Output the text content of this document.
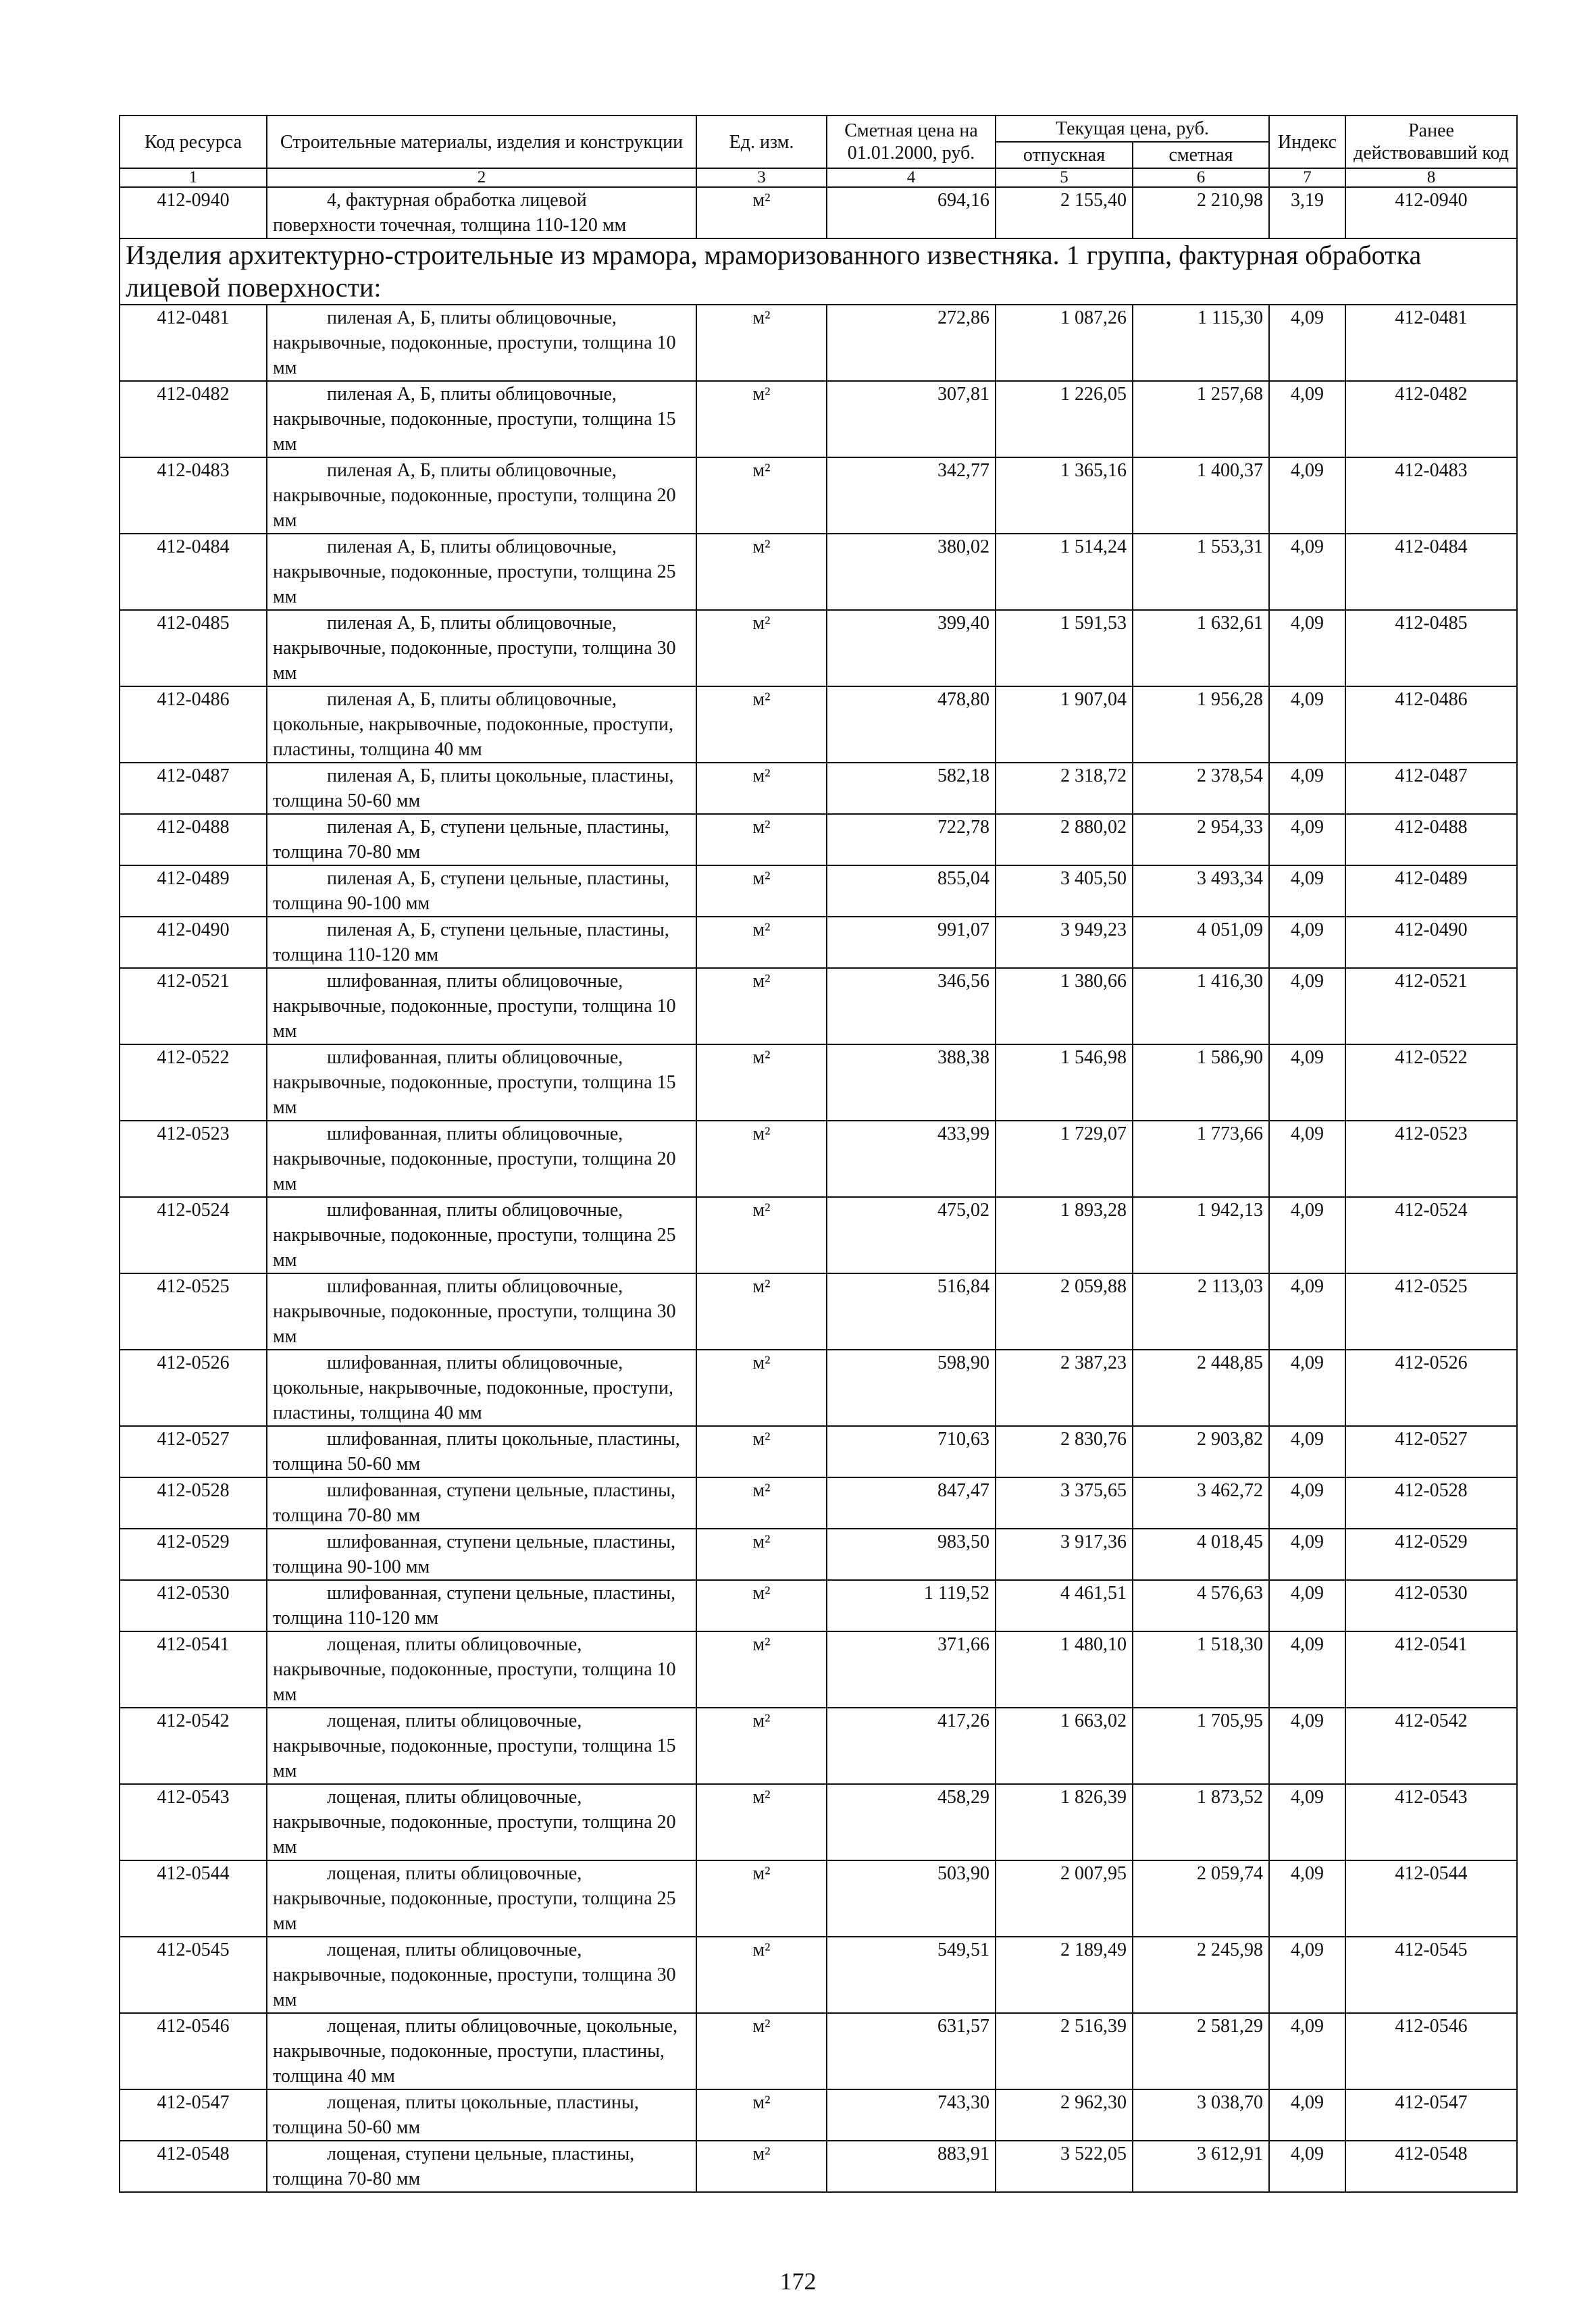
Код ресурса	Строительные материалы, изделия и конструкции	Ед. изм.	Сметная цена на 01.01.2000, руб.	Текущая цена, руб.		Индекс	Ранее действовавший код
				отпускная	сметная		
1	2	3	4	5	6	7	8
412-0940	4, фактурная обработка лицевой поверхности точечная, толщина 110-120 мм	м²	694,16	2 155,40	2 210,98	3,19	412-0940
Изделия архитектурно-строительные из мрамора, мраморизованного известняка. 1 группа, фактурная обработка лицевой поверхности:							
412-0481	пиленая А, Б, плиты облицовочные, накрывочные, подоконные, проступи, толщина 10 мм	м²	272,86	1 087,26	1 115,30	4,09	412-0481
412-0482	пиленая А, Б, плиты облицовочные, накрывочные, подоконные, проступи, толщина 15 мм	м²	307,81	1 226,05	1 257,68	4,09	412-0482
412-0483	пиленая А, Б, плиты облицовочные, накрывочные, подоконные, проступи, толщина 20 мм	м²	342,77	1 365,16	1 400,37	4,09	412-0483
412-0484	пиленая А, Б, плиты облицовочные, накрывочные, подоконные, проступи, толщина 25 мм	м²	380,02	1 514,24	1 553,31	4,09	412-0484
412-0485	пиленая А, Б, плиты облицовочные, накрывочные, подоконные, проступи, толщина 30 мм	м²	399,40	1 591,53	1 632,61	4,09	412-0485
412-0486	пиленая А, Б, плиты облицовочные, цокольные, накрывочные, подоконные, проступи, пластины, толщина 40 мм	м²	478,80	1 907,04	1 956,28	4,09	412-0486
412-0487	пиленая А, Б, плиты цокольные, пластины, толщина 50-60 мм	м²	582,18	2 318,72	2 378,54	4,09	412-0487
412-0488	пиленая А, Б, ступени цельные, пластины, толщина 70-80 мм	м²	722,78	2 880,02	2 954,33	4,09	412-0488
412-0489	пиленая А, Б, ступени цельные, пластины, толщина 90-100 мм	м²	855,04	3 405,50	3 493,34	4,09	412-0489
412-0490	пиленая А, Б, ступени цельные, пластины, толщина 110-120 мм	м²	991,07	3 949,23	4 051,09	4,09	412-0490
412-0521	шлифованная, плиты облицовочные, накрывочные, подоконные, проступи, толщина 10 мм	м²	346,56	1 380,66	1 416,30	4,09	412-0521
412-0522	шлифованная, плиты облицовочные, накрывочные, подоконные, проступи, толщина 15 мм	м²	388,38	1 546,98	1 586,90	4,09	412-0522
412-0523	шлифованная, плиты облицовочные, накрывочные, подоконные, проступи, толщина 20 мм	м²	433,99	1 729,07	1 773,66	4,09	412-0523
412-0524	шлифованная, плиты облицовочные, накрывочные, подоконные, проступи, толщина 25 мм	м²	475,02	1 893,28	1 942,13	4,09	412-0524
412-0525	шлифованная, плиты облицовочные, накрывочные, подоконные, проступи, толщина 30 мм	м²	516,84	2 059,88	2 113,03	4,09	412-0525
412-0526	шлифованная, плиты облицовочные, цокольные, накрывочные, подоконные, проступи, пластины, толщина 40 мм	м²	598,90	2 387,23	2 448,85	4,09	412-0526
412-0527	шлифованная, плиты цокольные, пластины, толщина 50-60 мм	м²	710,63	2 830,76	2 903,82	4,09	412-0527
412-0528	шлифованная, ступени цельные, пластины, толщина 70-80 мм	м²	847,47	3 375,65	3 462,72	4,09	412-0528
412-0529	шлифованная, ступени цельные, пластины, толщина 90-100 мм	м²	983,50	3 917,36	4 018,45	4,09	412-0529
412-0530	шлифованная, ступени цельные, пластины, толщина 110-120 мм	м²	1 119,52	4 461,51	4 576,63	4,09	412-0530
412-0541	лощеная, плиты облицовочные, накрывочные, подоконные, проступи, толщина 10 мм	м²	371,66	1 480,10	1 518,30	4,09	412-0541
412-0542	лощеная, плиты облицовочные, накрывочные, подоконные, проступи, толщина 15 мм	м²	417,26	1 663,02	1 705,95	4,09	412-0542
412-0543	лощеная, плиты облицовочные, накрывочные, подоконные, проступи, толщина 20 мм	м²	458,29	1 826,39	1 873,52	4,09	412-0543
412-0544	лощеная, плиты облицовочные, накрывочные, подоконные, проступи, толщина 25 мм	м²	503,90	2 007,95	2 059,74	4,09	412-0544
412-0545	лощеная, плиты облицовочные, накрывочные, подоконные, проступи, толщина 30 мм	м²	549,51	2 189,49	2 245,98	4,09	412-0545
412-0546	лощеная, плиты облицовочные, цокольные, накрывочные, подоконные, проступи, пластины, толщина 40 мм	м²	631,57	2 516,39	2 581,29	4,09	412-0546
412-0547	лощеная, плиты цокольные, пластины, толщина 50-60 мм	м²	743,30	2 962,30	3 038,70	4,09	412-0547
412-0548	лощеная, ступени цельные, пластины, толщина 70-80 мм	м²	883,91	3 522,05	3 612,91	4,09	412-0548
172
